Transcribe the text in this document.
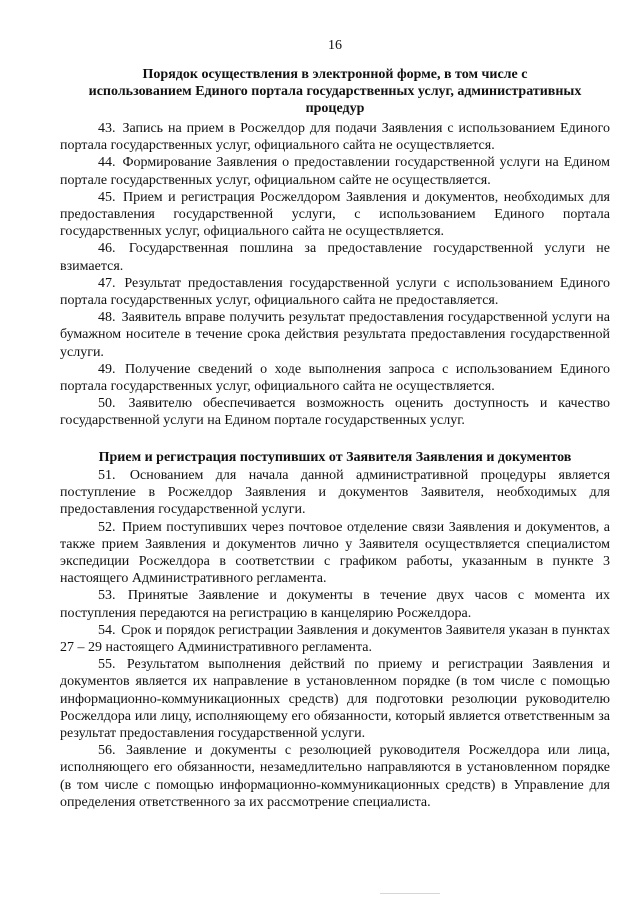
16
Порядок осуществления в электронной форме, в том числе с
использованием Единого портала государственных услуг, административных
процедур

43. Запись на прием в Росжелдор для подачи Заявления с использованием Единого портала государственных услуг, официального сайта не осуществляется.

44. Формирование Заявления о предоставлении государственной услуги на Едином портале государственных услуг, официальном сайте не осуществляется.

45. Прием и регистрация Росжелдором Заявления и документов, необходимых для предоставления государственной услуги, с использованием Единого портала государственных услуг, официального сайта не осуществляется.

46. Государственная пошлина за предоставление государственной услуги не взимается.

47. Результат предоставления государственной услуги с использованием Единого портала государственных услуг, официального сайта не предоставляется.

48. Заявитель вправе получить результат предоставления государственной услуги на бумажном носителе в течение срока действия результата предоставления государственной услуги.

49. Получение сведений о ходе выполнения запроса с использованием Единого портала государственных услуг, официального сайта не осуществляется.

50. Заявителю обеспечивается возможность оценить доступность и качество государственной услуги на Едином портале государственных услуг.

Прием и регистрация поступивших от Заявителя Заявления и документов

51. Основанием для начала данной административной процедуры является поступление в Росжелдор Заявления и документов Заявителя, необходимых для предоставления государственной услуги.

52. Прием поступивших через почтовое отделение связи Заявления и документов, а также прием Заявления и документов лично у Заявителя осуществляется специалистом экспедиции Росжелдора в соответствии с графиком работы, указанным в пункте 3 настоящего Административного регламента.

53. Принятые Заявление и документы в течение двух часов с момента их поступления передаются на регистрацию в канцелярию Росжелдора.

54. Срок и порядок регистрации Заявления и документов Заявителя указан в пунктах 27 – 29 настоящего Административного регламента.

55. Результатом выполнения действий по приему и регистрации Заявления и документов является их направление в установленном порядке (в том числе с помощью информационно-коммуникационных средств) для подготовки резолюции руководителю Росжелдора или лицу, исполняющему его обязанности, который является ответственным за результат предоставления государственной услуги.

56. Заявление и документы с резолюцией руководителя Росжелдора или лица, исполняющего его обязанности, незамедлительно направляются в установленном порядке (в том числе с помощью информационно-коммуникационных средств) в Управление для определения ответственного за их рассмотрение специалиста.
